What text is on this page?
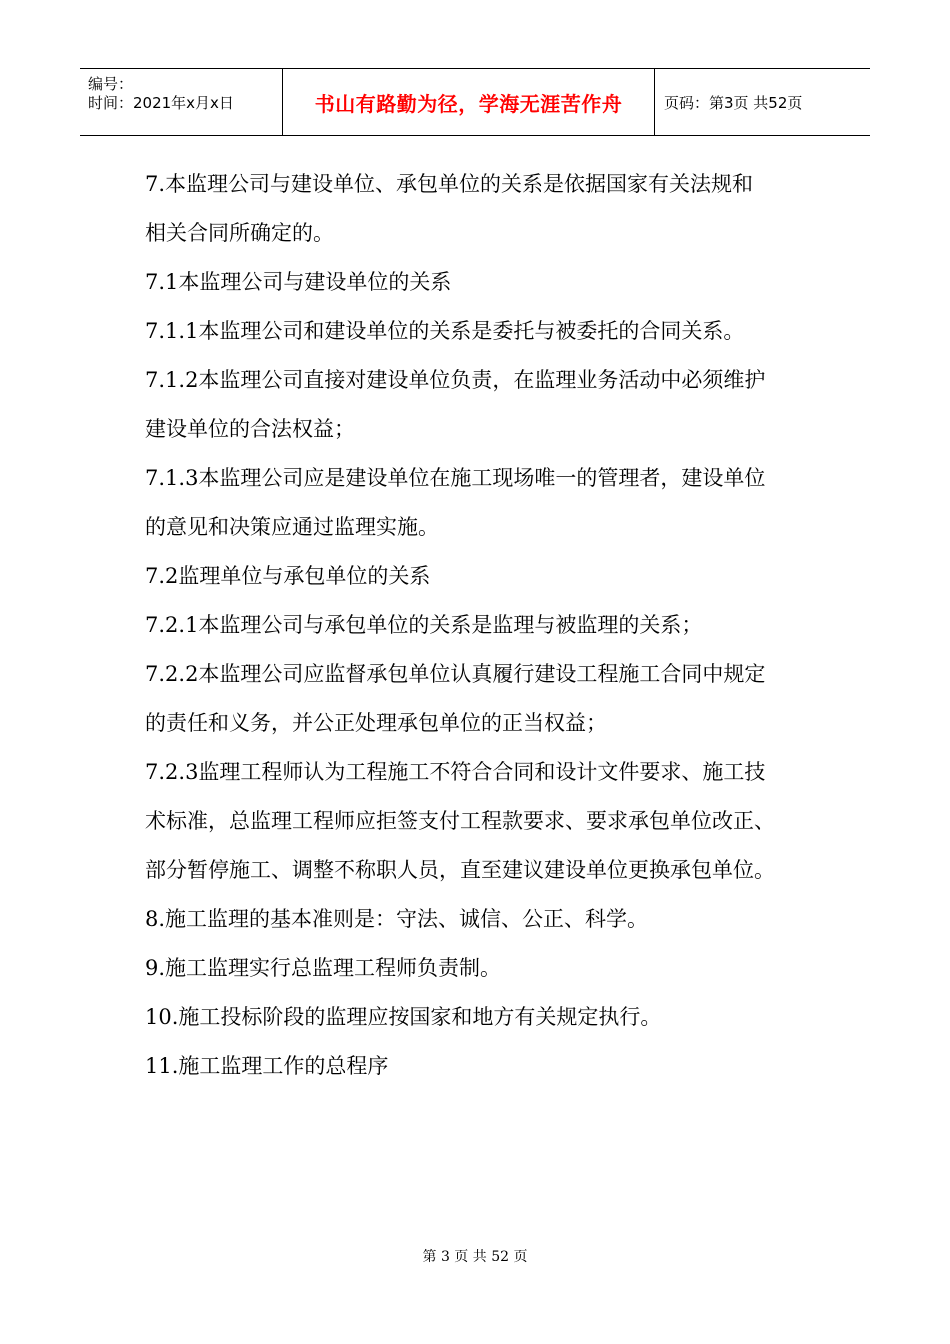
编号：
时间：2021年x月x日	书山有路勤为径，学海无涯苦作舟	页码：第3页 共52页

7.本监理公司与建设单位、承包单位的关系是依据国家有关法规和

相关合同所确定的。

7.1本监理公司与建设单位的关系

7.1.1本监理公司和建设单位的关系是委托与被委托的合同关系。

7.1.2本监理公司直接对建设单位负责，在监理业务活动中必须维护

建设单位的合法权益；

7.1.3本监理公司应是建设单位在施工现场唯一的管理者，建设单位

的意见和决策应通过监理实施。

7.2监理单位与承包单位的关系

7.2.1本监理公司与承包单位的关系是监理与被监理的关系；

7.2.2本监理公司应监督承包单位认真履行建设工程施工合同中规定

的责任和义务，并公正处理承包单位的正当权益；

7.2.3监理工程师认为工程施工不符合合同和设计文件要求、施工技

术标准，总监理工程师应拒签支付工程款要求、要求承包单位改正、

部分暂停施工、调整不称职人员，直至建议建设单位更换承包单位。

8.施工监理的基本准则是：守法、诚信、公正、科学。

9.施工监理实行总监理工程师负责制。

10.施工投标阶段的监理应按国家和地方有关规定执行。

11.施工监理工作的总程序

第 3 页 共 52 页
